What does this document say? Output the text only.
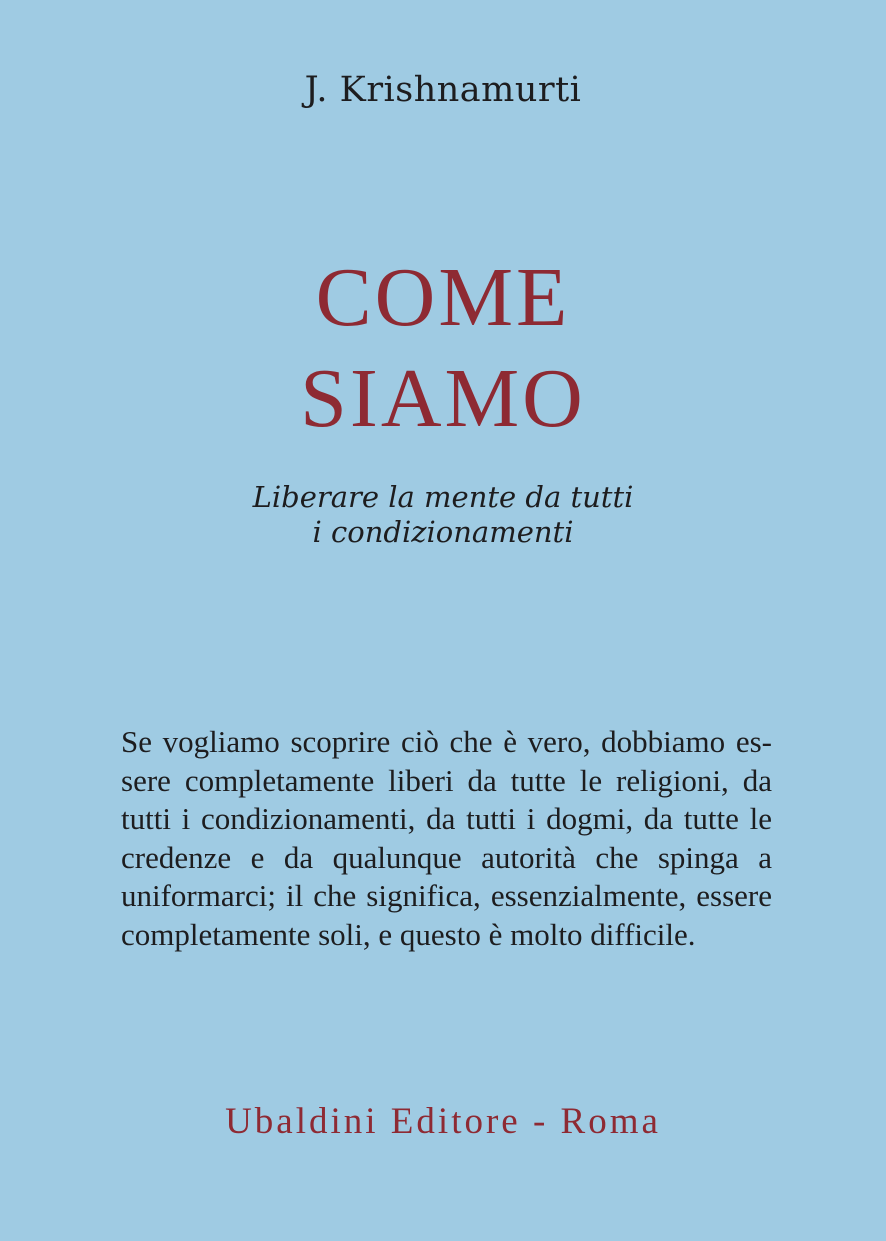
J. Krishnamurti
COME
SIAMO
Liberare la mente da tutti
i condizionamenti

Se vogliamo scoprire ciò che è vero, dobbiamo essere completamente liberi da tutte le religioni, da tutti i condizionamenti, da tutti i dogmi, da tutte le credenze e da qualunque autorità che spinga a uniformarci; il che significa, essenzialmente, essere completamente soli, e questo è molto difficile.

Ubaldini Editore - Roma
